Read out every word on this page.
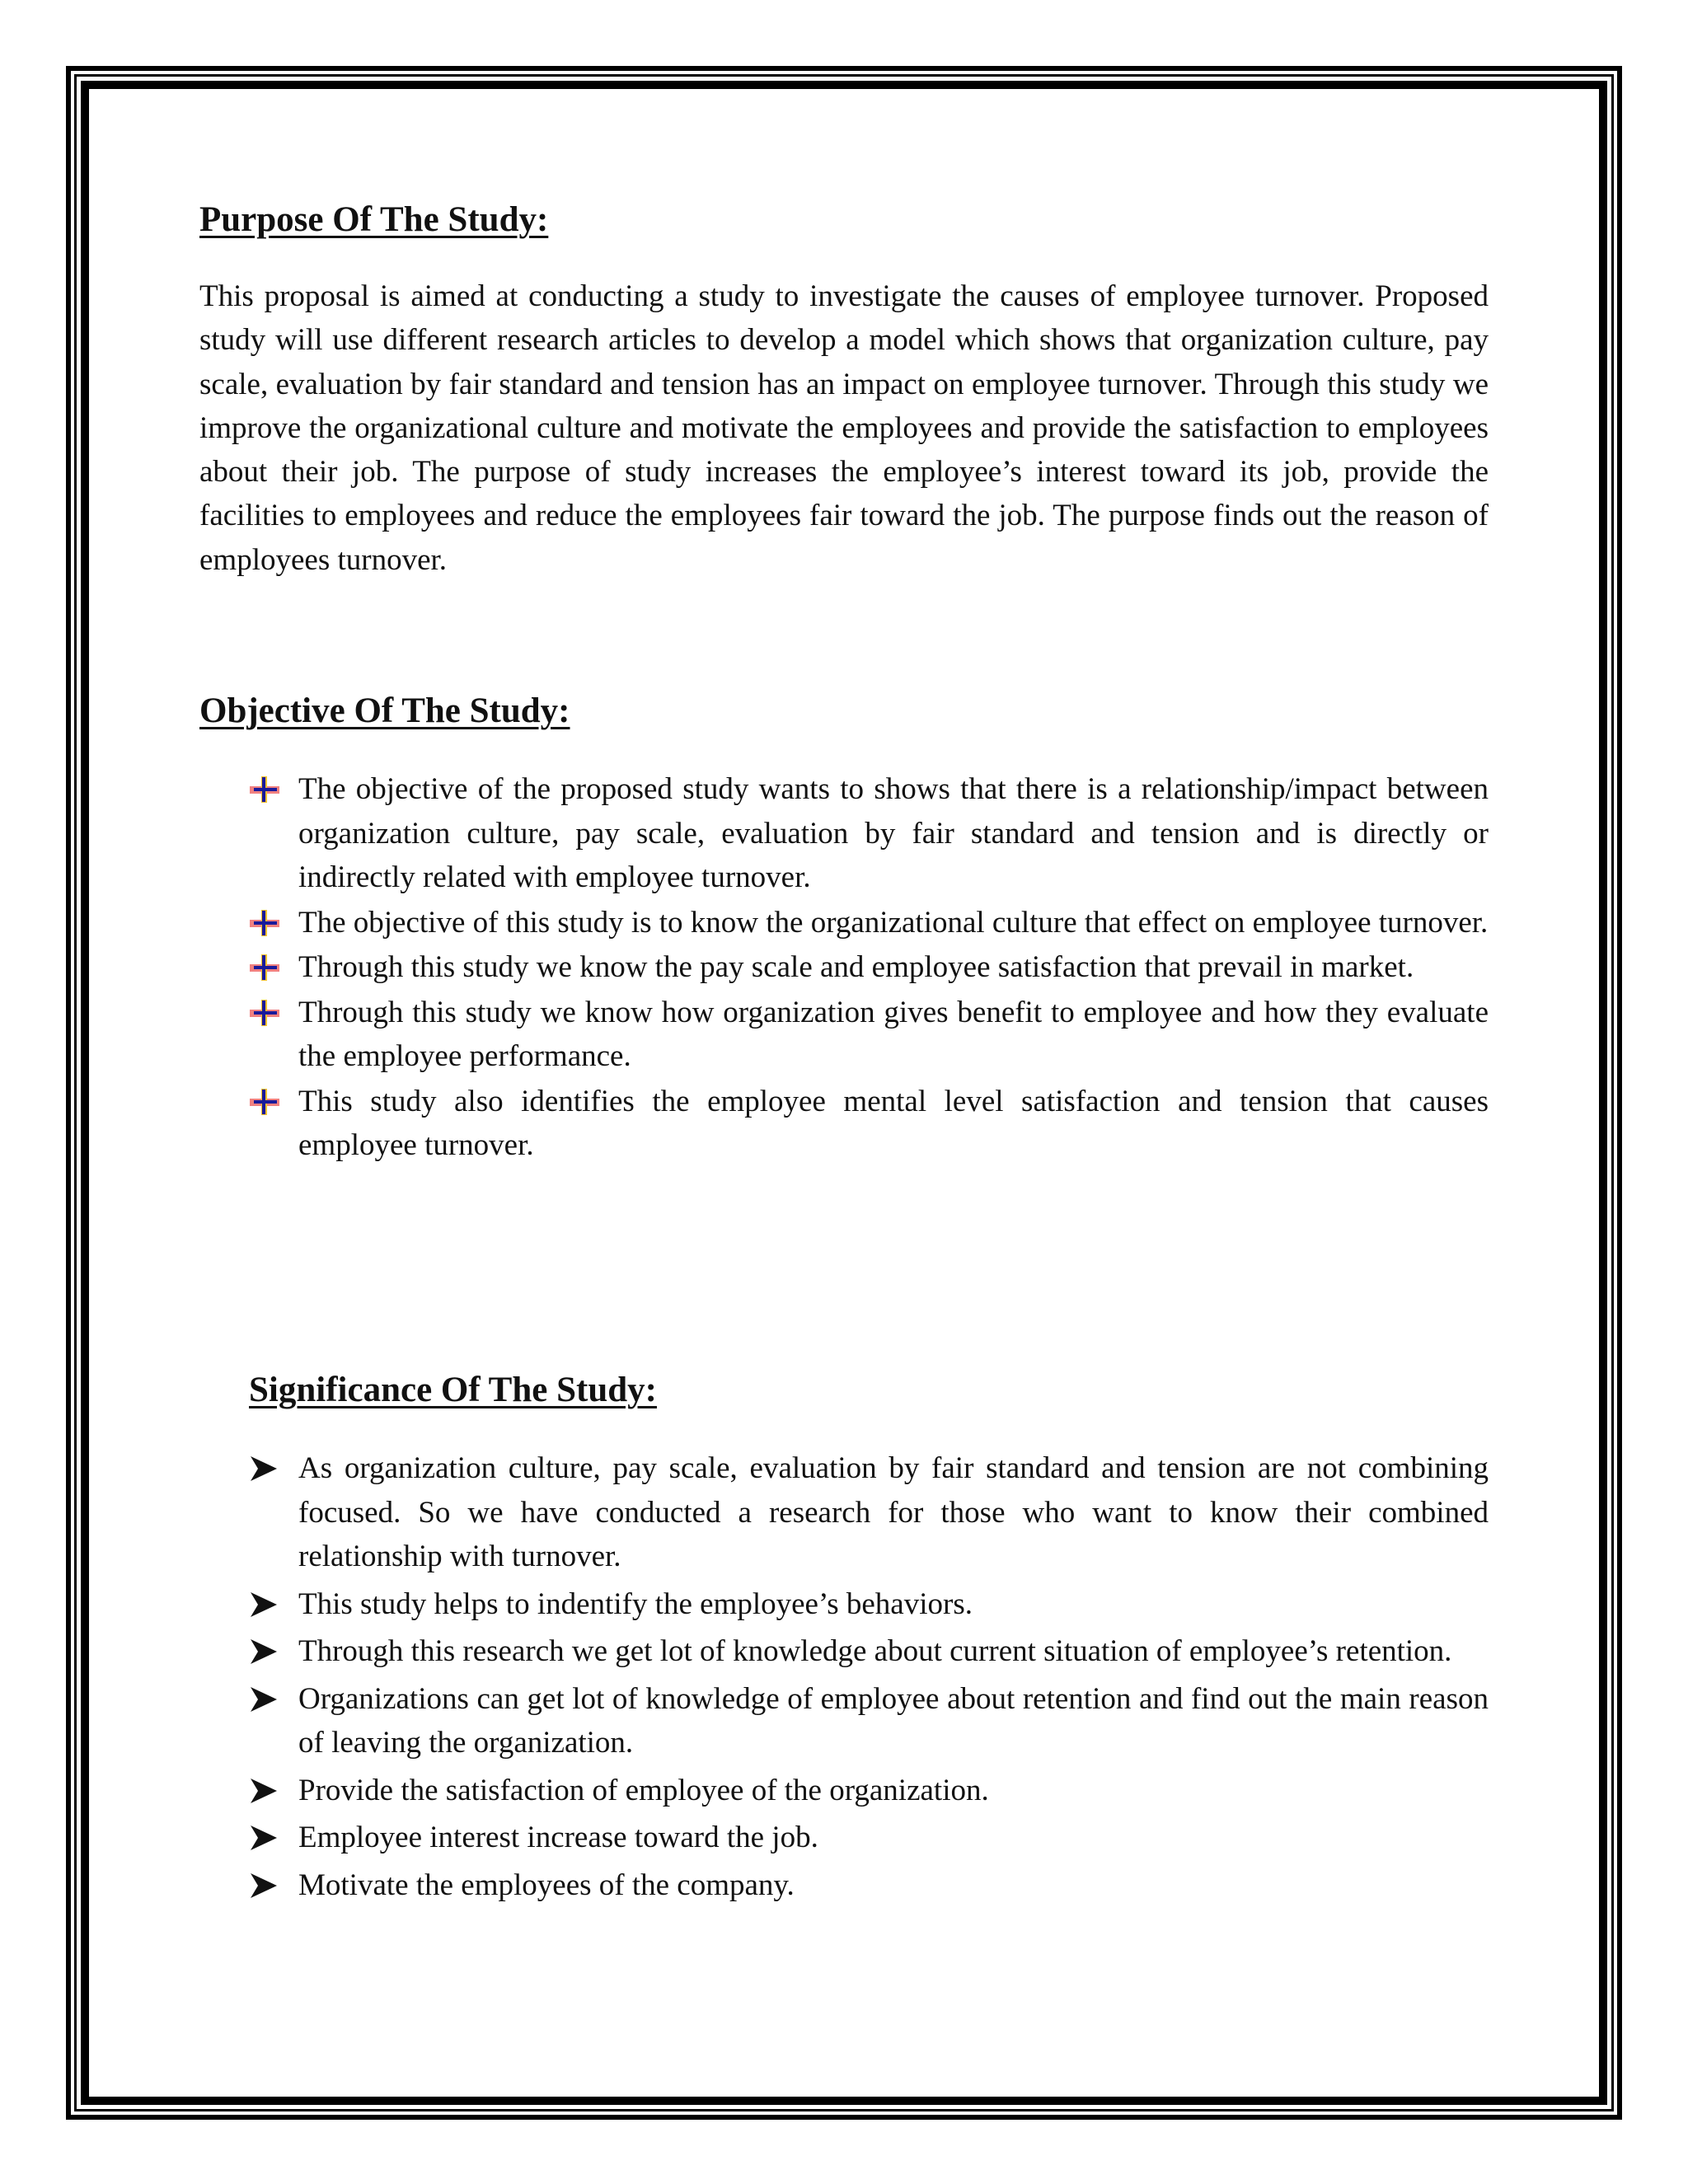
Purpose Of The Study:

This proposal is aimed at conducting a study to investigate the causes of employee turnover. Proposed study will use different research articles to develop a model which shows that organization culture, pay scale, evaluation by fair standard and tension has an impact on employee turnover. Through this study we improve the organizational culture and motivate the employees and provide the satisfaction to employees about their job. The purpose of study increases the employee’s interest toward its job, provide the facilities to employees and reduce the employees fair toward the job. The purpose finds out the reason of employees turnover.

Objective Of The Study:
The objective of the proposed study wants to shows that there is a relationship/impact between organization culture, pay scale, evaluation by fair standard and tension and is directly or indirectly related with employee turnover.
The objective of this study is to know the organizational culture that effect on employee turnover.
Through this study we know the pay scale and employee satisfaction that prevail in market.
Through this study we know how organization gives benefit to employee and how they evaluate the employee performance.
This study also identifies the employee mental level satisfaction and tension that causes employee turnover.
Significance Of The Study:
As organization culture, pay scale, evaluation by fair standard and tension are not combining focused. So we have conducted a research for those who want to know their combined relationship with turnover.
This study helps to indentify the employee’s behaviors.
Through this research we get lot of knowledge about current situation of employee’s retention.
Organizations can get lot of knowledge of employee about retention and find out the main reason of leaving the organization.
Provide the satisfaction of employee of the organization.
Employee interest increase toward the job.
Motivate the employees of the company.
